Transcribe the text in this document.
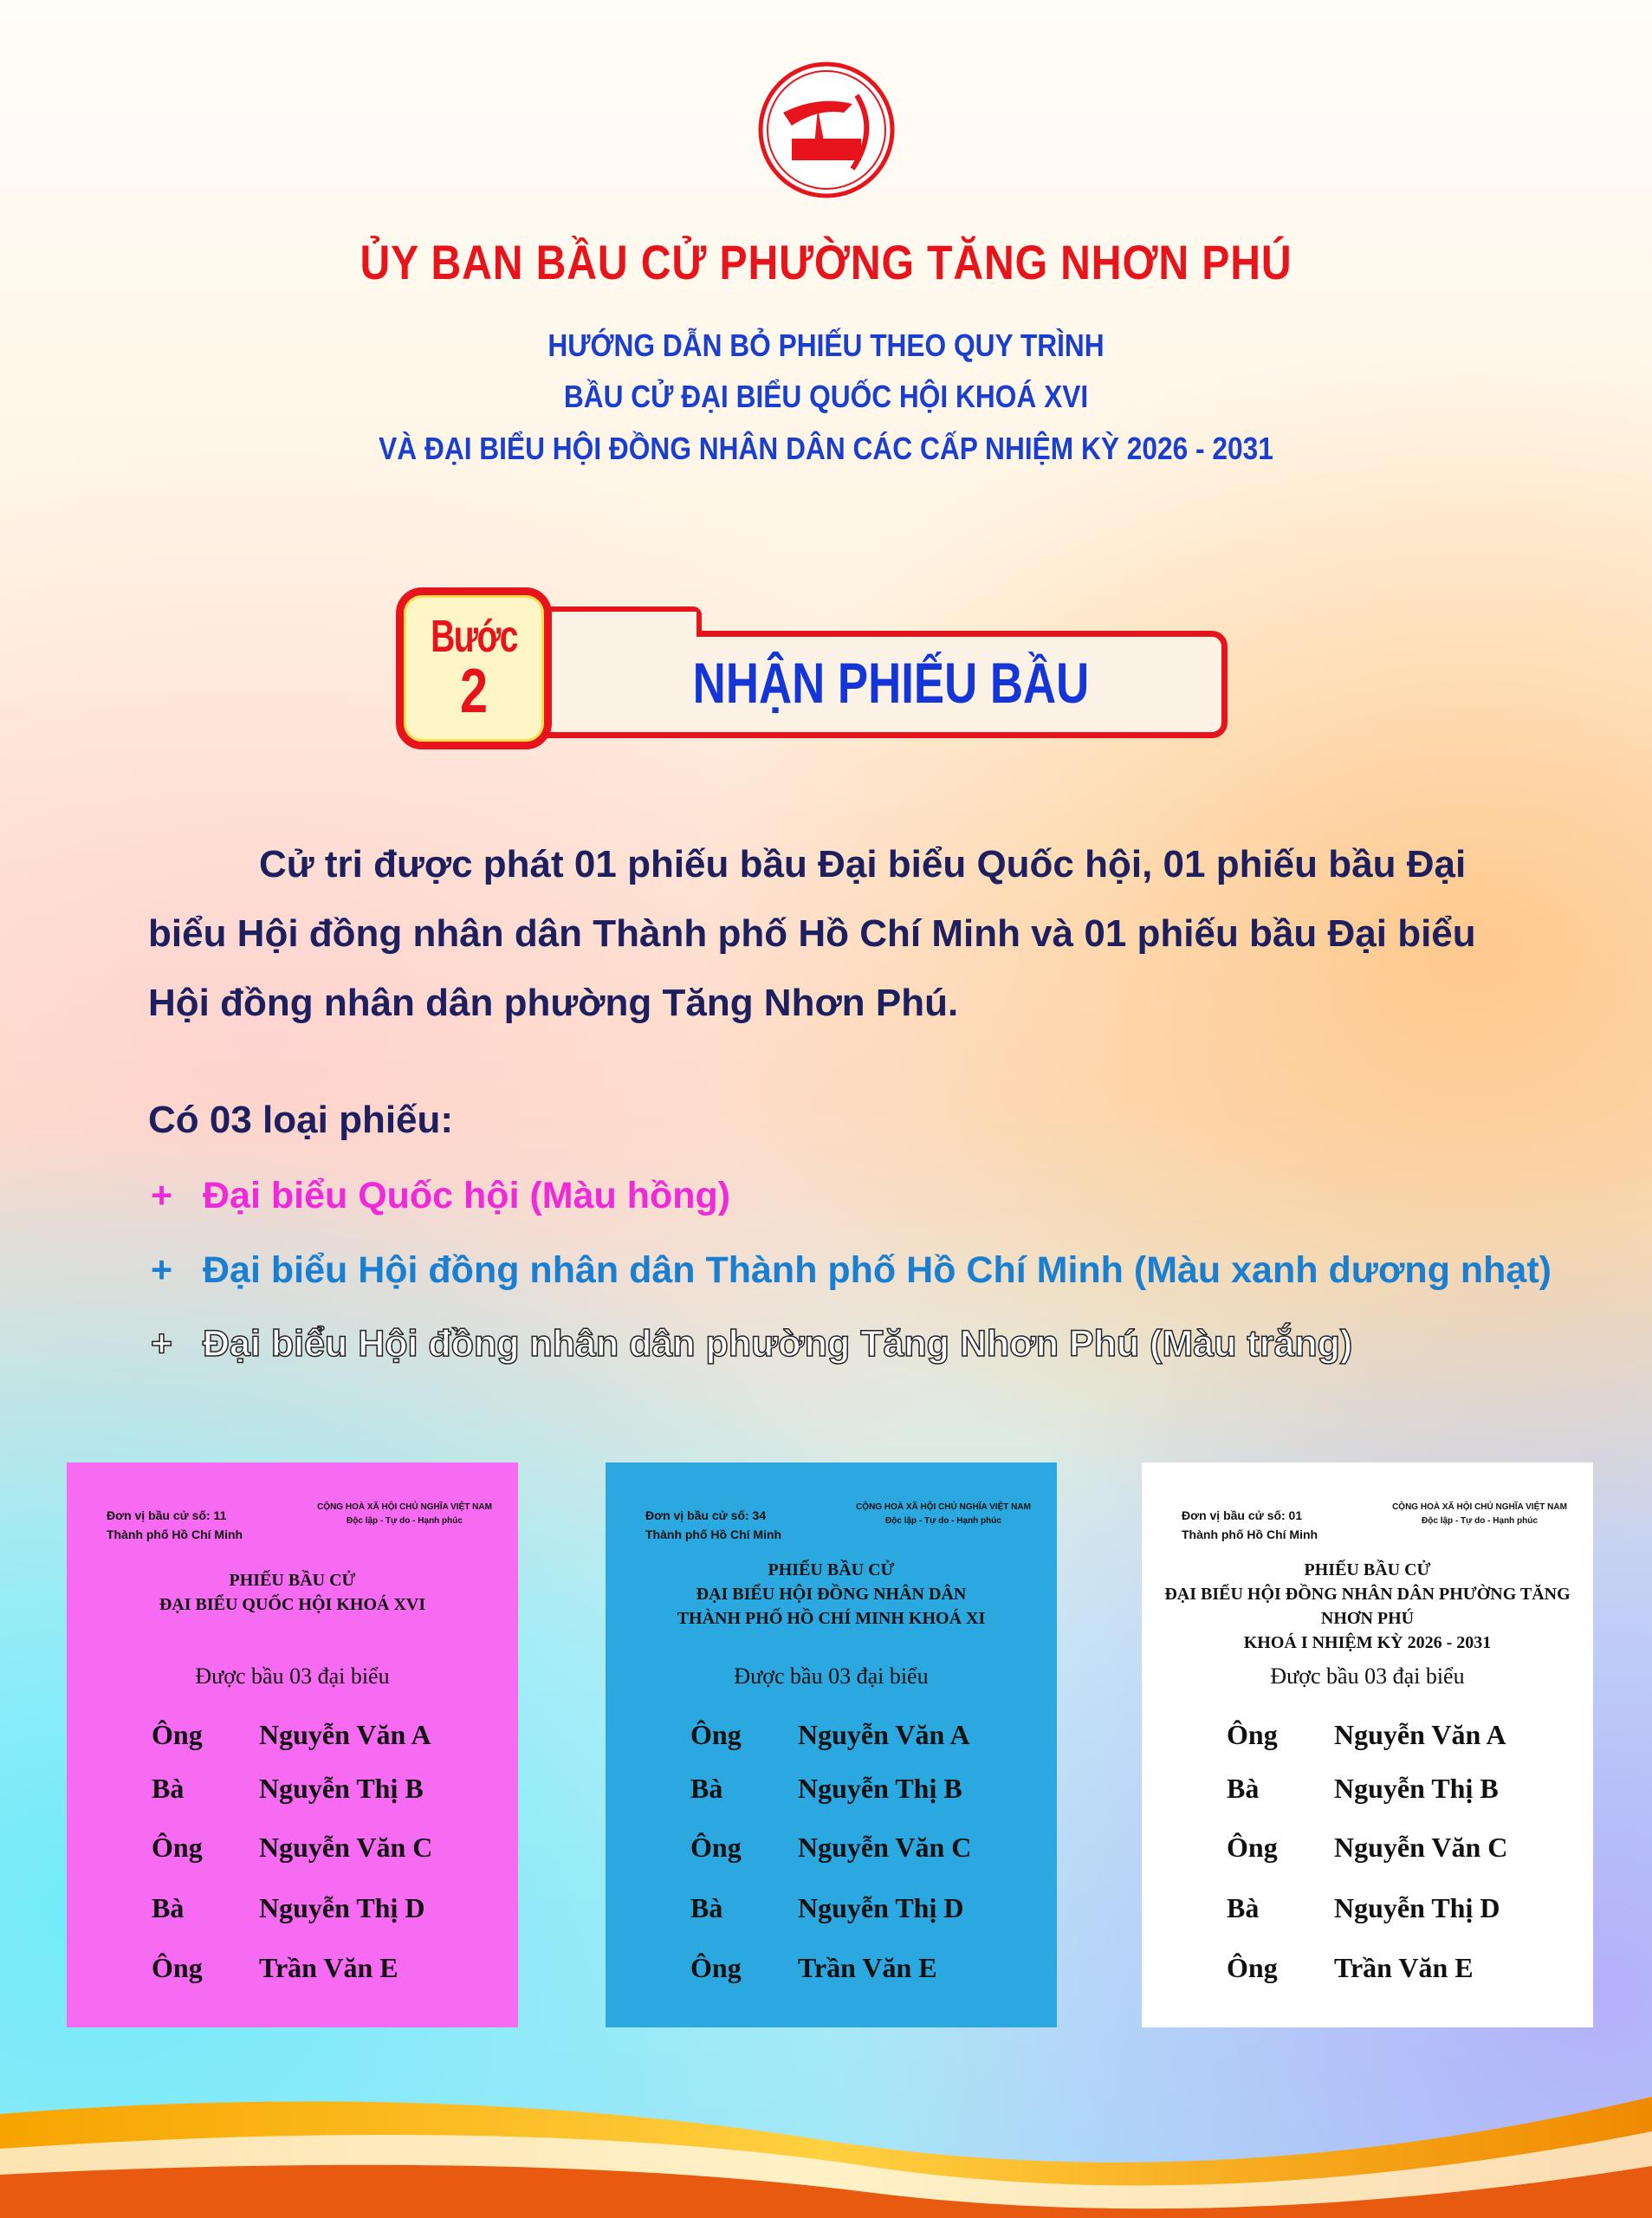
ỦY BAN BẦU CỬ PHƯỜNG TĂNG NHƠN PHÚ
HƯỚNG DẪN BỎ PHIẾU THEO QUY TRÌNH
BẦU CỬ ĐẠI BIỂU QUỐC HỘI KHOÁ XVI
VÀ ĐẠI BIỂU HỘI ĐỒNG NHÂN DÂN CÁC CẤP NHIỆM KỲ 2026 - 2031
Bước
2	NHẬN PHIẾU BẦU
Cử tri được phát 01 phiếu bầu Đại biểu Quốc hội, 01 phiếu bầu Đại biểu Hội đồng nhân dân Thành phố Hồ Chí Minh và 01 phiếu bầu Đại biểu Hội đồng nhân dân phường Tăng Nhơn Phú.
Có 03 loại phiếu:
+ Đại biểu Quốc hội (Màu hồng)
+ Đại biểu Hội đồng nhân dân Thành phố Hồ Chí Minh (Màu xanh dương nhạt)
+ Đại biểu Hội đồng nhân dân phường Tăng Nhơn Phú (Màu trắng)
Đơn vị bầu cử số: 11
Thành phố Hồ Chí Minh
CỘNG HOÀ XÃ HỘI CHỦ NGHĨA VIỆT NAM
Độc lập - Tự do - Hạnh phúc
PHIẾU BẦU CỬ
ĐẠI BIỂU QUỐC HỘI KHOÁ XVI
Được bầu 03 đại biểu
Ông Nguyễn Văn A
Bà	Nguyễn Thị B
Ông Nguyễn Văn C
Bà	Nguyễn Thị D
Ông Trần Văn E
Đơn vị bầu cử số: 34
Thành phố Hồ Chí Minh
CỘNG HOÀ XÃ HỘI CHỦ NGHĨA VIỆT NAM
Độc lập - Tự do - Hạnh phúc
PHIẾU BẦU CỬ
ĐẠI BIỂU HỘI ĐỒNG NHÂN DÂN
THÀNH PHỐ HỒ CHÍ MINH KHOÁ XI
Được bầu 03 đại biểu
Ông Nguyễn Văn A
Bà	Nguyễn Thị B
Ông Nguyễn Văn C
Bà	Nguyễn Thị D
Ông Trần Văn E
Đơn vị bầu cử số: 01
Thành phố Hồ Chí Minh
CỘNG HOÀ XÃ HỘI CHỦ NGHĨA VIỆT NAM
Độc lập - Tự do - Hạnh phúc
PHIẾU BẦU CỬ
ĐẠI BIỂU HỘI ĐỒNG NHÂN DÂN PHƯỜNG TĂNG NHƠN PHÚ
KHOÁ I NHIỆM KỲ 2026 - 2031
Được bầu 03 đại biểu
Ông Nguyễn Văn A
Bà	Nguyễn Thị B
Ông Nguyễn Văn C
Bà	Nguyễn Thị D
Ông Trần Văn E
